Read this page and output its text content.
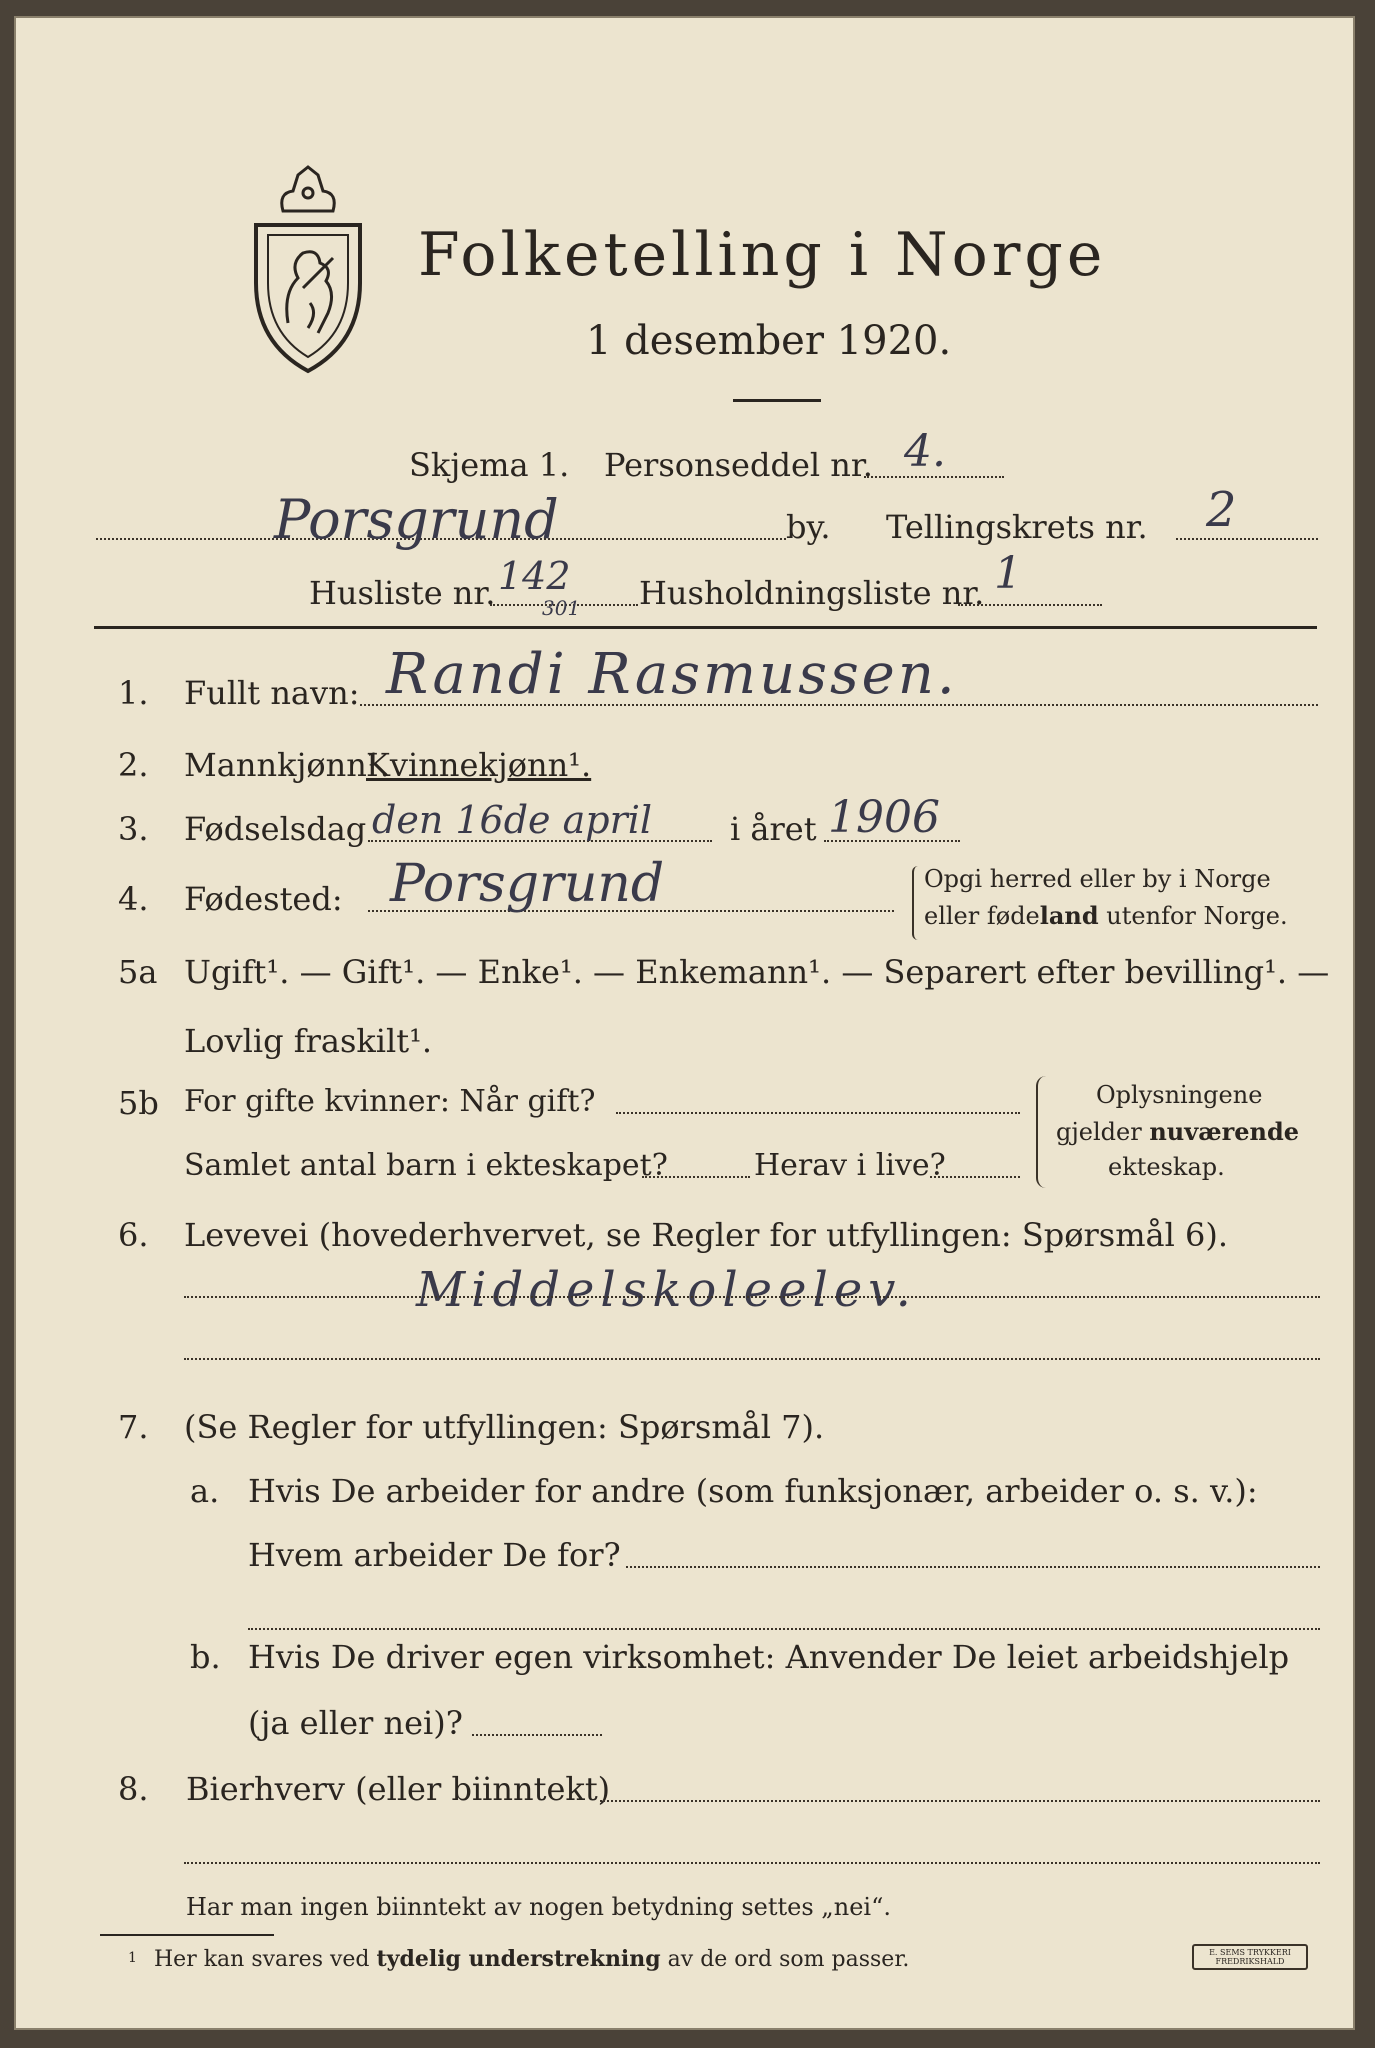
Folketelling i Norge
1 desember 1920.
Skjema 1. Personseddel nr. 4.
Porsgrund	by. Tellingskrets nr. 2
Husliste nr. 142
301 Husholdningsliste nr. 1
1. Fullt navn: Randi Rasmussen.
2. Mannkjønn¹.
Kvinnekjønn¹.
3. Fødselsdag den 16de april i året 1906
4. Fødested: Porsgrund	Opgi herred eller by i Norge
eller fødeland utenfor Norge.
5a Ugift¹. — Gift¹. — Enke¹. — Enkemann¹. — Separert efter bevilling¹. —
Lovlig fraskilt¹.
5b For gifte kvinner: Når gift?
Samlet antal barn i ekteskapet?	Herav i live?
Oplysningene
gjelder nuværende
ekteskap.
6. Levevei (hovederhvervet, se Regler for utfyllingen: Spørsmål 6).
Middelskoleelev.
7. (Se Regler for utfyllingen: Spørsmål 7).
a. Hvis De arbeider for andre (som funksjonær, arbeider o. s. v.):
Hvem arbeider De for?
b. Hvis De driver egen virksomhet: Anvender De leiet arbeidshjelp
(ja eller nei)?
8. Bierhverv (eller biinntekt)
Har man ingen biinntekt av nogen betydning settes „nei“.
1 Her kan svares ved tydelig understrekning av de ord som passer.	E. SEMS TRYKKERI
FREDRIKSHALD
